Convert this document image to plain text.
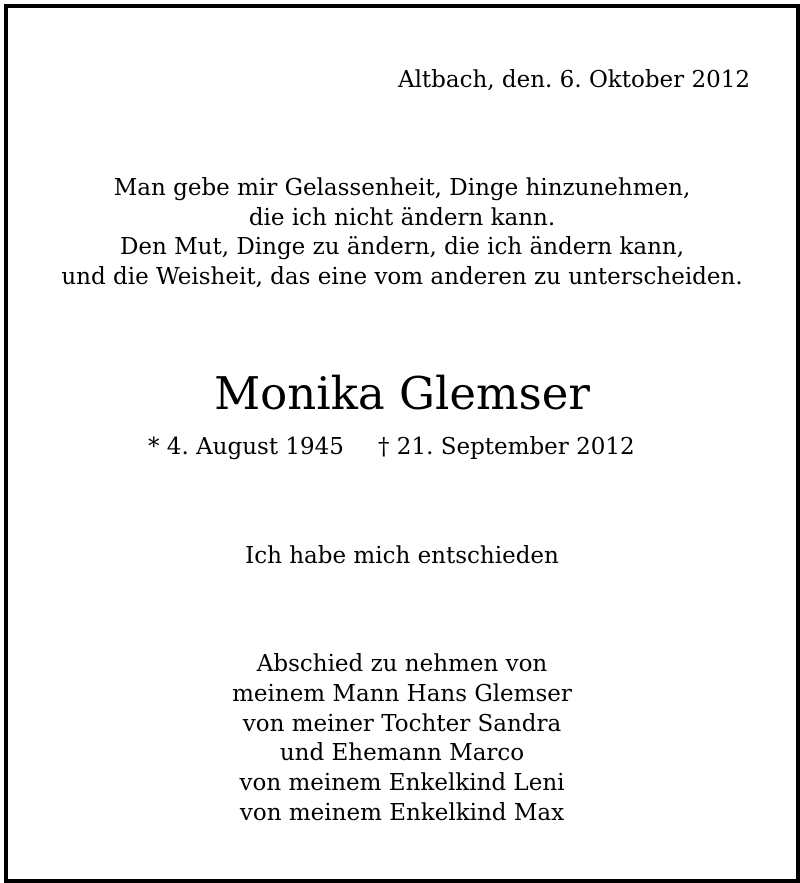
Altbach, den. 6. Oktober 2012
Man gebe mir Gelassenheit, Dinge hinzunehmen,
die ich nicht ändern kann.
Den Mut, Dinge zu ändern, die ich ändern kann,
und die Weisheit, das eine vom anderen zu unterscheiden.
Monika Glemser
* 4. August 1945 † 21. September 2012
Ich habe mich entschieden
Abschied zu nehmen von
meinem Mann Hans Glemser
von meiner Tochter Sandra
und Ehemann Marco
von meinem Enkelkind Leni
von meinem Enkelkind Max
